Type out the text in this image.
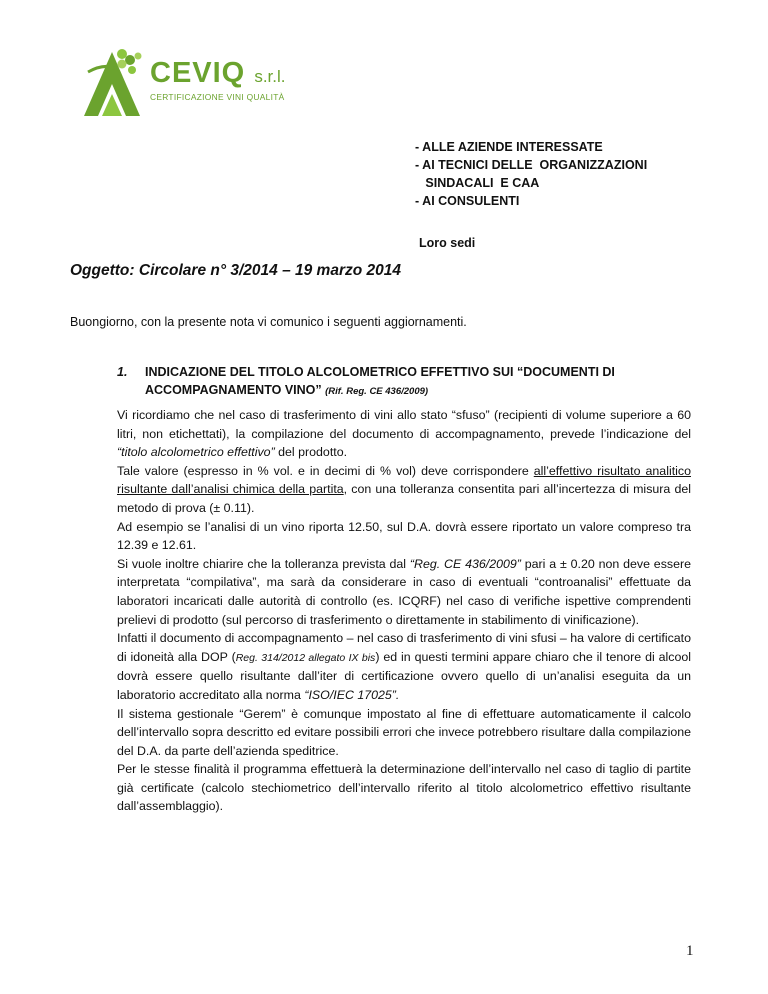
CEVIQ s.r.l.
CERTIFICAZIONE VINI QUALITÀ
- ALLE AZIENDE INTERESSATE
- AI TECNICI DELLE  ORGANIZZAZIONI
SINDACALI  E CAA
- AI CONSULENTI
Loro sedi
Oggetto: Circolare n° 3/2014 – 19 marzo 2014
Buongiorno, con la presente nota vi comunico i seguenti aggiornamenti.
1. INDICAZIONE DEL TITOLO ALCOLOMETRICO EFFETTIVO SUI “DOCUMENTI DI ACCOMPAGNAMENTO VINO” (Rif. Reg. CE 436/2009)

Vi ricordiamo che nel caso di trasferimento di vini allo stato “sfuso” (recipienti di volume superiore a 60 litri, non etichettati), la compilazione del documento di accompagnamento, prevede l’indicazione del “titolo alcolometrico effettivo” del prodotto.

Tale valore (espresso in % vol. e in decimi di % vol) deve corrispondere all’effettivo risultato analitico risultante dall’analisi chimica della partita, con una tolleranza consentita pari all’incertezza di misura del metodo di prova (± 0.11).

Ad esempio se l’analisi di un vino riporta 12.50, sul D.A. dovrà essere riportato un valore compreso tra 12.39 e 12.61.

Si vuole inoltre chiarire che la tolleranza prevista dal “Reg. CE 436/2009” pari a ± 0.20 non deve essere interpretata “compilativa”, ma sarà da considerare in caso di eventuali “controanalisi” effettuate da laboratori incaricati dalle autorità di controllo (es. ICQRF) nel caso di verifiche ispettive comprendenti prelievi di prodotto (sul percorso di trasferimento o direttamente in stabilimento di vinificazione).

Infatti il documento di accompagnamento – nel caso di trasferimento di vini sfusi – ha valore di certificato di idoneità alla DOP (Reg. 314/2012 allegato IX bis) ed in questi termini appare chiaro che il tenore di alcool dovrà essere quello risultante dall’iter di certificazione ovvero quello di un’analisi eseguita da un laboratorio accreditato alla norma “ISO/IEC 17025”.

Il sistema gestionale “Gerem” è comunque impostato al fine di effettuare automaticamente il calcolo dell’intervallo sopra descritto ed evitare possibili errori che invece potrebbero risultare dalla compilazione del D.A. da parte dell’azienda speditrice.

Per le stesse finalità il programma effettuerà la determinazione dell’intervallo nel caso di taglio di partite già certificate (calcolo stechiometrico dell’intervallo riferito al titolo alcolometrico effettivo risultante dall’assemblaggio).

1
